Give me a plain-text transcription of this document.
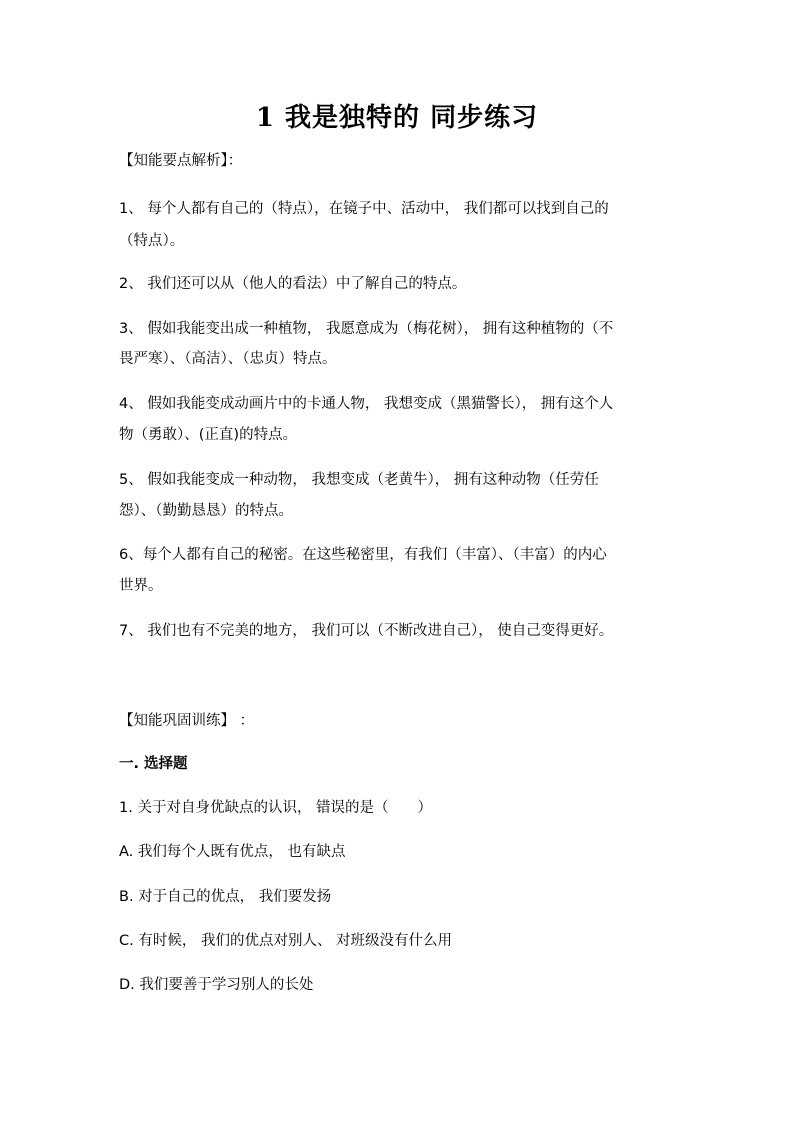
1 我是独特的 同步练习
【知能要点解析】：
1、 每个人都有自己的（特点），在镜子中、活动中， 我们都可以找到自己的
（特点）。
2、 我们还可以从（他人的看法）中了解自己的特点。
3、 假如我能变出成一种植物， 我愿意成为（梅花树）， 拥有这种植物的（不
畏严寒）、（高洁）、（忠贞）特点。
4、 假如我能变成动画片中的卡通人物， 我想变成（黑猫警长）， 拥有这个人
物（勇敢）、(正直)的特点。
5、 假如我能变成一种动物， 我想变成（老黄牛）， 拥有这种动物（任劳任
怨）、（勤勤恳恳）的特点。
6、每个人都有自己的秘密。在这些秘密里，有我们（丰富）、（丰富）的内心
世界。
7、 我们也有不完美的地方， 我们可以（不断改进自己）， 使自己变得更好。
【知能巩固训练】 ：
一. 选择题
1. 关于对自身优缺点的认识， 错误的是（　　）
A. 我们每个人既有优点， 也有缺点
B. 对于自己的优点， 我们要发扬
C. 有时候， 我们的优点对别人、 对班级没有什么用
D. 我们要善于学习别人的长处
